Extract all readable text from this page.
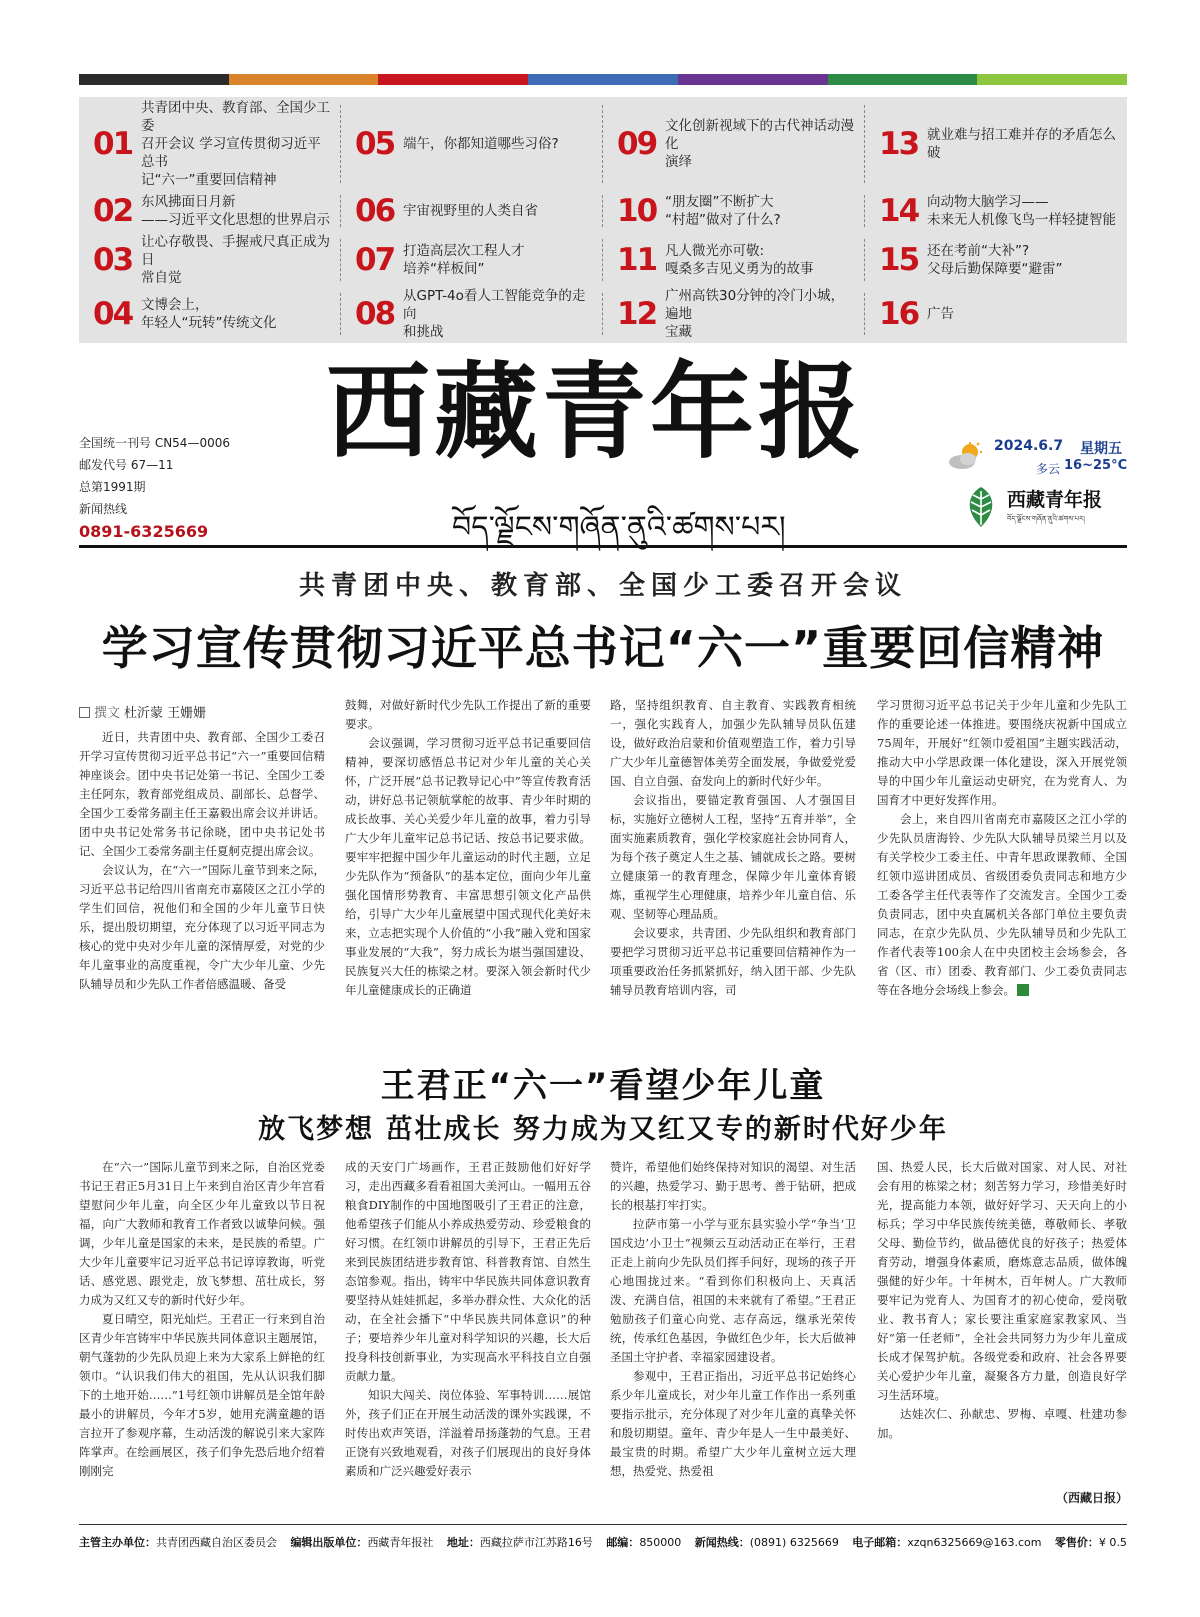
01
共青团中央、教育部、全国少工委
召开会议 学习宣传贯彻习近平总书
记“六一”重要回信精神
02 东风拂面日月新
——习近平文化思想的世界启示
03 让心存敬畏、手握戒尺真正成为日
常自觉
04 文博会上，
年轻人“玩转”传统文化
05 端午，你都知道哪些习俗?
06 宇宙视野里的人类自省
07 打造高层次工程人才
培养“样板间”
08 从GPT-4o看人工智能竞争的走向
和挑战
09 文化创新视域下的古代神话动漫化
演绎
10 “朋友圈”不断扩大
“村超”做对了什么?
11 凡人微光亦可敬:
嘎桑多吉见义勇为的故事
12 广州高铁30分钟的冷门小城，遍地
宝藏
13 就业难与招工难并存的矛盾怎么破
14 向动物大脑学习——
未来无人机像飞鸟一样轻捷智能
15 还在考前“大补”?
父母后勤保障要“避雷”
16 广告
全国统一刊号 CN54—0006
邮发代号 67—11
总第1991期
新闻热线
0891-6325669
西藏青年报
བོད་ལྗོངས་གཞོན་ནུའི་ཚགས་པར།
2024.6.7 星期五
多云 16~25°C
西藏青年报
བོད་ལྗོངས་གཞོན་ནུའི་ཚགས་པར།
共青团中央、教育部、全国少工委召开会议
学习宣传贯彻习近平总书记“六一”重要回信精神
撰文 杜沂蒙 王姗姗

近日，共青团中央、教育部、全国少工委召开学习宣传贯彻习近平总书记“六一”重要回信精神座谈会。团中央书记处第一书记、全国少工委主任阿东，教育部党组成员、副部长、总督学、全国少工委常务副主任王嘉毅出席会议并讲话。团中央书记处常务书记徐晓，团中央书记处书记、全国少工委常务副主任夏舸克提出席会议。

会议认为，在“六一”国际儿童节到来之际，习近平总书记给四川省南充市嘉陵区之江小学的学生们回信，祝他们和全国的少年儿童节日快乐，提出殷切期望，充分体现了以习近平同志为核心的党中央对少年儿童的深情厚爱，对党的少年儿童事业的高度重视，令广大少年儿童、少先队辅导员和少先队工作者倍感温暖、备受

鼓舞，对做好新时代少先队工作提出了新的重要要求。

会议强调，学习贯彻习近平总书记重要回信精神，要深切感悟总书记对少年儿童的关心关怀，广泛开展“总书记教导记心中”等宣传教育活动，讲好总书记领航掌舵的故事、青少年时期的成长故事、关心关爱少年儿童的故事，着力引导广大少年儿童牢记总书记话、按总书记要求做。要牢牢把握中国少年儿童运动的时代主题，立足少先队作为“预备队”的基本定位，面向少年儿童强化国情形势教育、丰富思想引领文化产品供给，引导广大少年儿童展望中国式现代化美好未来，立志把实现个人价值的“小我”融入党和国家事业发展的“大我”，努力成长为堪当强国建设、民族复兴大任的栋梁之材。要深入领会新时代少年儿童健康成长的正确道

路，坚持组织教育、自主教育、实践教育相统一，强化实践育人，加强少先队辅导员队伍建设，做好政治启蒙和价值观塑造工作，着力引导广大少年儿童德智体美劳全面发展，争做爱党爱国、自立自强、奋发向上的新时代好少年。

会议指出，要锚定教育强国、人才强国目标，实施好立德树人工程，坚持“五育并举”，全面实施素质教育，强化学校家庭社会协同育人，为每个孩子奠定人生之基、铺就成长之路。要树立健康第一的教育理念，保障少年儿童体育锻炼，重视学生心理健康，培养少年儿童自信、乐观、坚韧等心理品质。

会议要求，共青团、少先队组织和教育部门要把学习贯彻习近平总书记重要回信精神作为一项重要政治任务抓紧抓好，纳入团干部、少先队辅导员教育培训内容，司

学习贯彻习近平总书记关于少年儿童和少先队工作的重要论述一体推进。要围绕庆祝新中国成立75周年，开展好“红领巾爱祖国”主题实践活动，推动大中小学思政课一体化建设，深入开展党领导的中国少年儿童运动史研究，在为党育人、为国育才中更好发挥作用。

会上，来自四川省南充市嘉陵区之江小学的少先队员唐海铃、少先队大队辅导员梁兰月以及有关学校少工委主任、中青年思政课教师、全国红领巾巡讲团成员、省级团委负责同志和地方少工委各学主任代表等作了交流发言。全国少工委负责同志，团中央直属机关各部门单位主要负责同志，在京少先队员、少先队辅导员和少先队工作者代表等100余人在中央团校主会场参会，各省（区、市）团委、教育部门、少工委负责同志等在各地分会场线上参会。

王君正“六一”看望少年儿童
放飞梦想 茁壮成长 努力成为又红又专的新时代好少年

在“六一”国际儿童节到来之际，自治区党委书记王君正5月31日上午来到自治区青少年宫看望慰问少年儿童，向全区少年儿童致以节日祝福，向广大教师和教育工作者致以诚挚问候。强调，少年儿童是国家的未来，是民族的希望。广大少年儿童要牢记习近平总书记谆谆教诲，听党话、感党恩、跟党走，放飞梦想、茁壮成长，努力成为又红又专的新时代好少年。

夏日晴空，阳光灿烂。王君正一行来到自治区青少年宫铸牢中华民族共同体意识主题展馆，朝气蓬勃的少先队员迎上来为大家系上鲜艳的红领巾。“认识我们伟大的祖国，先从认识我们脚下的土地开始……”1号红领巾讲解员是全馆年龄最小的讲解员，今年才5岁，她用充满童趣的语言拉开了参观序幕，生动活泼的解说引来大家阵阵掌声。在绘画展区，孩子们争先恐后地介绍着刚刚完

成的天安门广场画作，王君正鼓励他们好好学习，走出西藏多看看祖国大美河山。一幅用五谷粮食DIY制作的中国地图吸引了王君正的注意，他希望孩子们能从小养成热爱劳动、珍爱粮食的好习惯。在红领巾讲解员的引导下，王君正先后来到民族团结进步教育馆、科普教育馆、自然生态馆参观。指出，铸牢中华民族共同体意识教育要坚持从娃娃抓起，多举办群众性、大众化的活动，在全社会播下“中华民族共同体意识”的种子；要培养少年儿童对科学知识的兴趣，长大后投身科技创新事业，为实现高水平科技自立自强贡献力量。

知识大闯关、岗位体验、军事特训……展馆外，孩子们正在开展生动活泼的课外实践课，不时传出欢声笑语，洋溢着昂扬蓬勃的气息。王君正饶有兴致地观看，对孩子们展现出的良好身体素质和广泛兴趣爱好表示

赞许，希望他们始终保持对知识的渴望、对生活的兴趣，热爱学习、勤于思考、善于钻研，把成长的根基打牢打实。

拉萨市第一小学与亚东县实验小学“争当‘卫国戍边’小卫士”视频云互动活动正在举行，王君正走上前向少先队员们挥手问好，现场的孩子开心地围拢过来。“看到你们积极向上、天真活泼、充满自信，祖国的未来就有了希望。”王君正勉励孩子们童心向党、志存高远，继承光荣传统，传承红色基因，争做红色少年，长大后做神圣国土守护者、幸福家园建设者。

参观中，王君正指出，习近平总书记始终心系少年儿童成长，对少年儿童工作作出一系列重要指示批示，充分体现了对少年儿童的真挚关怀和殷切期望。童年、青少年是人一生中最美好、最宝贵的时期。希望广大少年儿童树立远大理想，热爱党、热爱祖

国、热爱人民，长大后做对国家、对人民、对社会有用的栋梁之材；刻苦努力学习，珍惜美好时光，提高能力本领，做好好学习、天天向上的小标兵；学习中华民族传统美德，尊敬师长、孝敬父母、勤俭节约，做品德优良的好孩子；热爱体育劳动，增强身体素质，磨炼意志品质，做体魄强健的好少年。十年树木，百年树人。广大教师要牢记为党育人、为国育才的初心使命，爱岗敬业、教书育人；家长要注重家庭家教家风、当好“第一任老师”，全社会共同努力为少年儿童成长成才保驾护航。各级党委和政府、社会各界要关心爱护少年儿童，凝聚各方力量，创造良好学习生活环境。

达娃次仁、孙献忠、罗梅、卓嘎、杜建功参加。

（西藏日报）
主管主办单位：共青团西藏自治区委员会 编辑出版单位：西藏青年报社 地址：西藏拉萨市江苏路16号 邮编：850000 新闻热线：(0891) 6325669 电子邮箱：xzqn6325669@163.com 零售价：¥ 0.5
